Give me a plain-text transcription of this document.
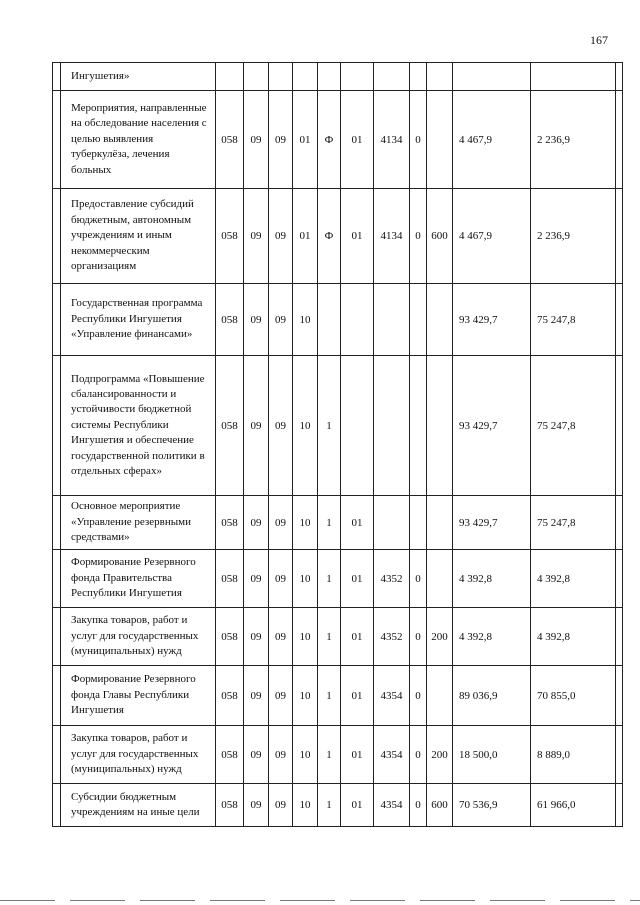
167
	Ингушетия»												
	Мероприятия, направленные на обследование населения с целью выявления туберкулёза, лечения больных	058	09	09	01	Ф	01	4134	0		4 467,9	2 236,9	
	Предоставление субсидий бюджетным, автономным учреждениям и иным некоммерческим организациям	058	09	09	01	Ф	01	4134	0	600	4 467,9	2 236,9	
	Государственная программа Республики Ингушетия «Управление финансами»	058	09	09	10						93 429,7	75 247,8	
	Подпрограмма «Повышение сбалансированности и устойчивости бюджетной системы Республики Ингушетия и обеспечение государственной политики в отдельных сферах»	058	09	09	10	1					93 429,7	75 247,8	
	Основное мероприятие «Управление резервными средствами»	058	09	09	10	1	01				93 429,7	75 247,8	
	Формирование Резервного фонда Правительства Республики Ингушетия	058	09	09	10	1	01	4352	0		4 392,8	4 392,8	
	Закупка товаров, работ и услуг для государственных (муниципальных) нужд	058	09	09	10	1	01	4352	0	200	4 392,8	4 392,8	
	Формирование Резервного фонда Главы Республики Ингушетия	058	09	09	10	1	01	4354	0		89 036,9	70 855,0	
	Закупка товаров, работ и услуг для государственных (муниципальных) нужд	058	09	09	10	1	01	4354	0	200	18 500,0	8 889,0	
	Субсидии бюджетным учреждениям на иные цели	058	09	09	10	1	01	4354	0	600	70 536,9	61 966,0	
